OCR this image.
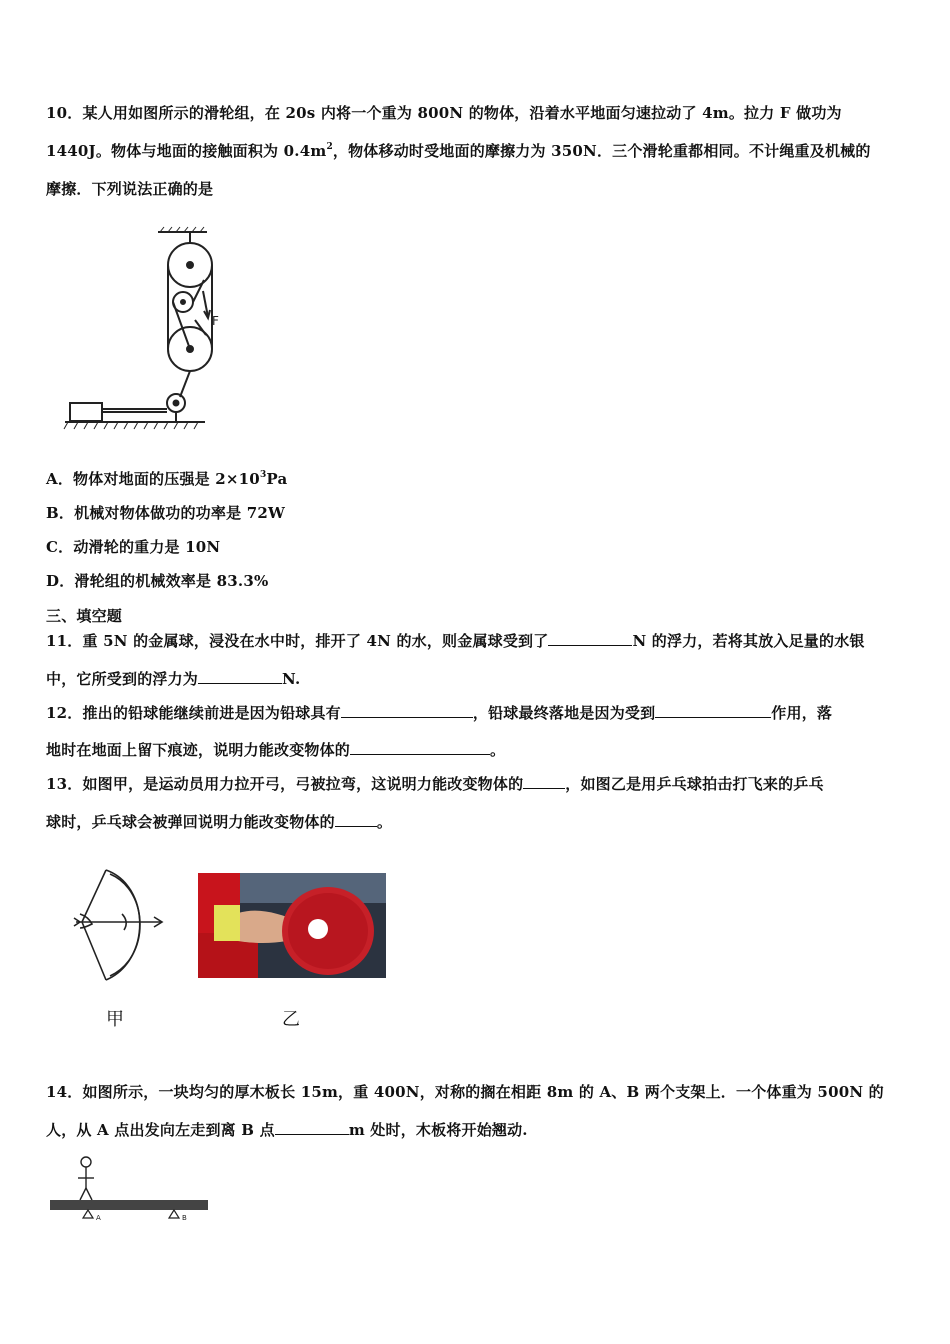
10．某人用如图所示的滑轮组，在 20s 内将一个重为 800N 的物体，沿着水平地面匀速拉动了 4m。拉力 F 做功为
1440J。物体与地面的接触面积为 $0.4m^2$，物体移动时受地面的摩擦力为 350N．三个滑轮重都相同。不计绳重及机械的
摩擦．下列说法正确的是
F
A．物体对地面的压强是 $2\times 10^3Pa$
B．机械对物体做功的功率是 72W
C．动滑轮的重力是 10N
D．滑轮组的机械效率是 83.3%
三、填空题
11．重 5N 的金属球，浸没在水中时，排开了 4N 的水，则金属球受到了	N 的浮力，若将其放入足量的水银
中，它所受到的浮力为	N.
12．推出的铅球能继续前进是因为铅球具有	，铅球最终落地是因为受到	作用，落
地时在地面上留下痕迹，说明力能改变物体的	。
13．如图甲，是运动员用力拉开弓，弓被拉弯，这说明力能改变物体的	，如图乙是用乒乓球拍击打飞来的乒乓
球时，乒乓球会被弹回说明力能改变物体的	。
甲	乙
14．如图所示，一块均匀的厚木板长 15m，重 400N，对称的搁在相距 8m 的 A、B 两个支架上．一个体重为 500N 的
人，从 A 点出发向左走到离 B 点	m 处时，木板将开始翘动.
A	B
